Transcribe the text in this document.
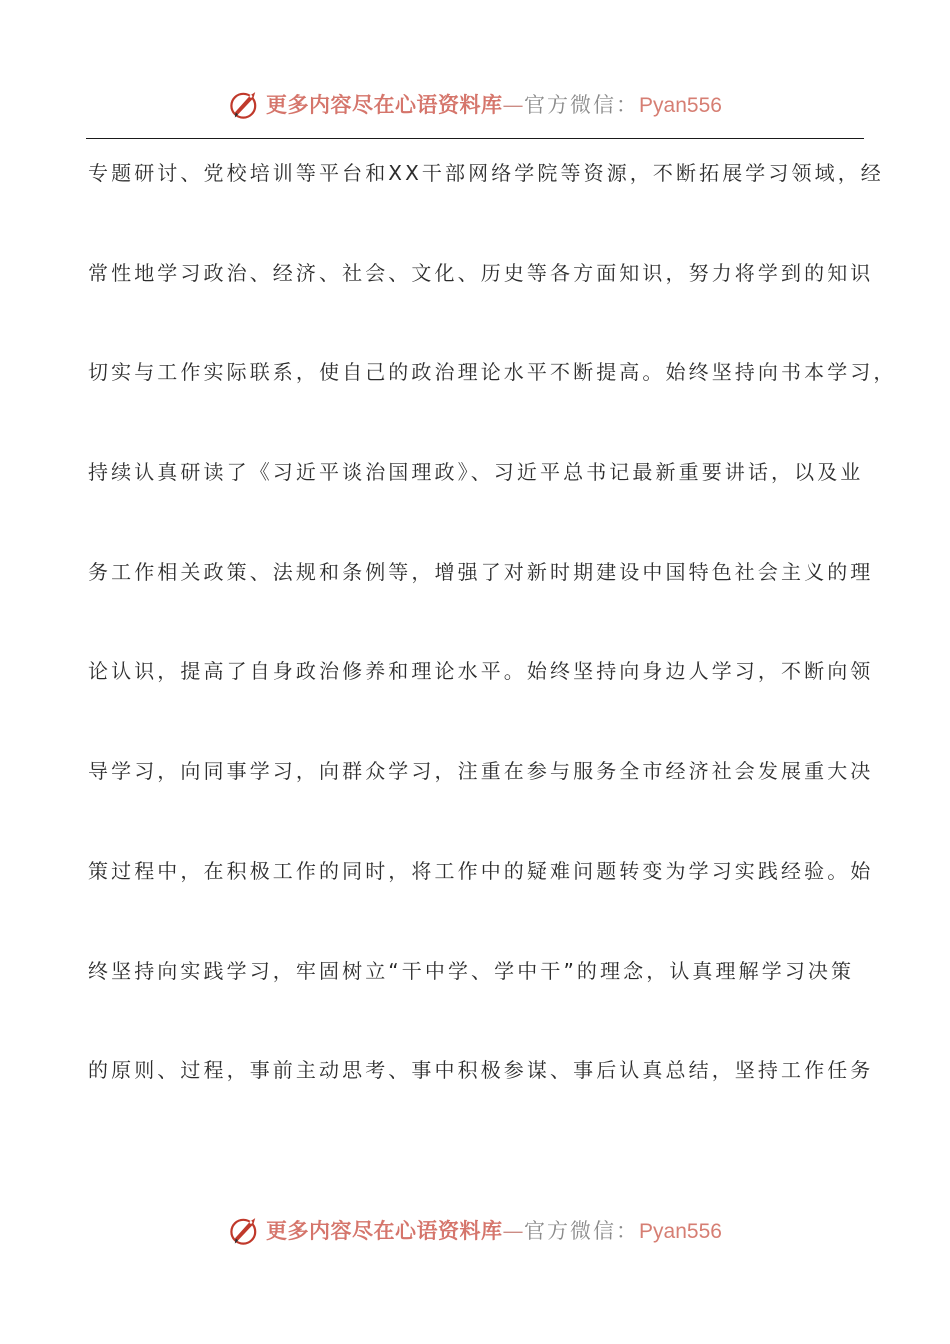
更多内容尽在心语资料库—官方微信：Pyan556
专题研讨、党校培训等平台和XX干部网络学院等资源，不断拓展学习领域，经
常性地学习政治、经济、社会、文化、历史等各方面知识，努力将学到的知识
切实与工作实际联系，使自己的政治理论水平不断提高。始终坚持向书本学习，
持续认真研读了《习近平谈治国理政》、习近平总书记最新重要讲话，以及业
务工作相关政策、法规和条例等，增强了对新时期建设中国特色社会主义的理
论认识，提高了自身政治修养和理论水平。始终坚持向身边人学习，不断向领
导学习，向同事学习，向群众学习，注重在参与服务全市经济社会发展重大决
策过程中，在积极工作的同时，将工作中的疑难问题转变为学习实践经验。始
终坚持向实践学习，牢固树立“干中学、学中干”的理念，认真理解学习决策
的原则、过程，事前主动思考、事中积极参谋、事后认真总结，坚持工作任务
更多内容尽在心语资料库—官方微信：Pyan556
